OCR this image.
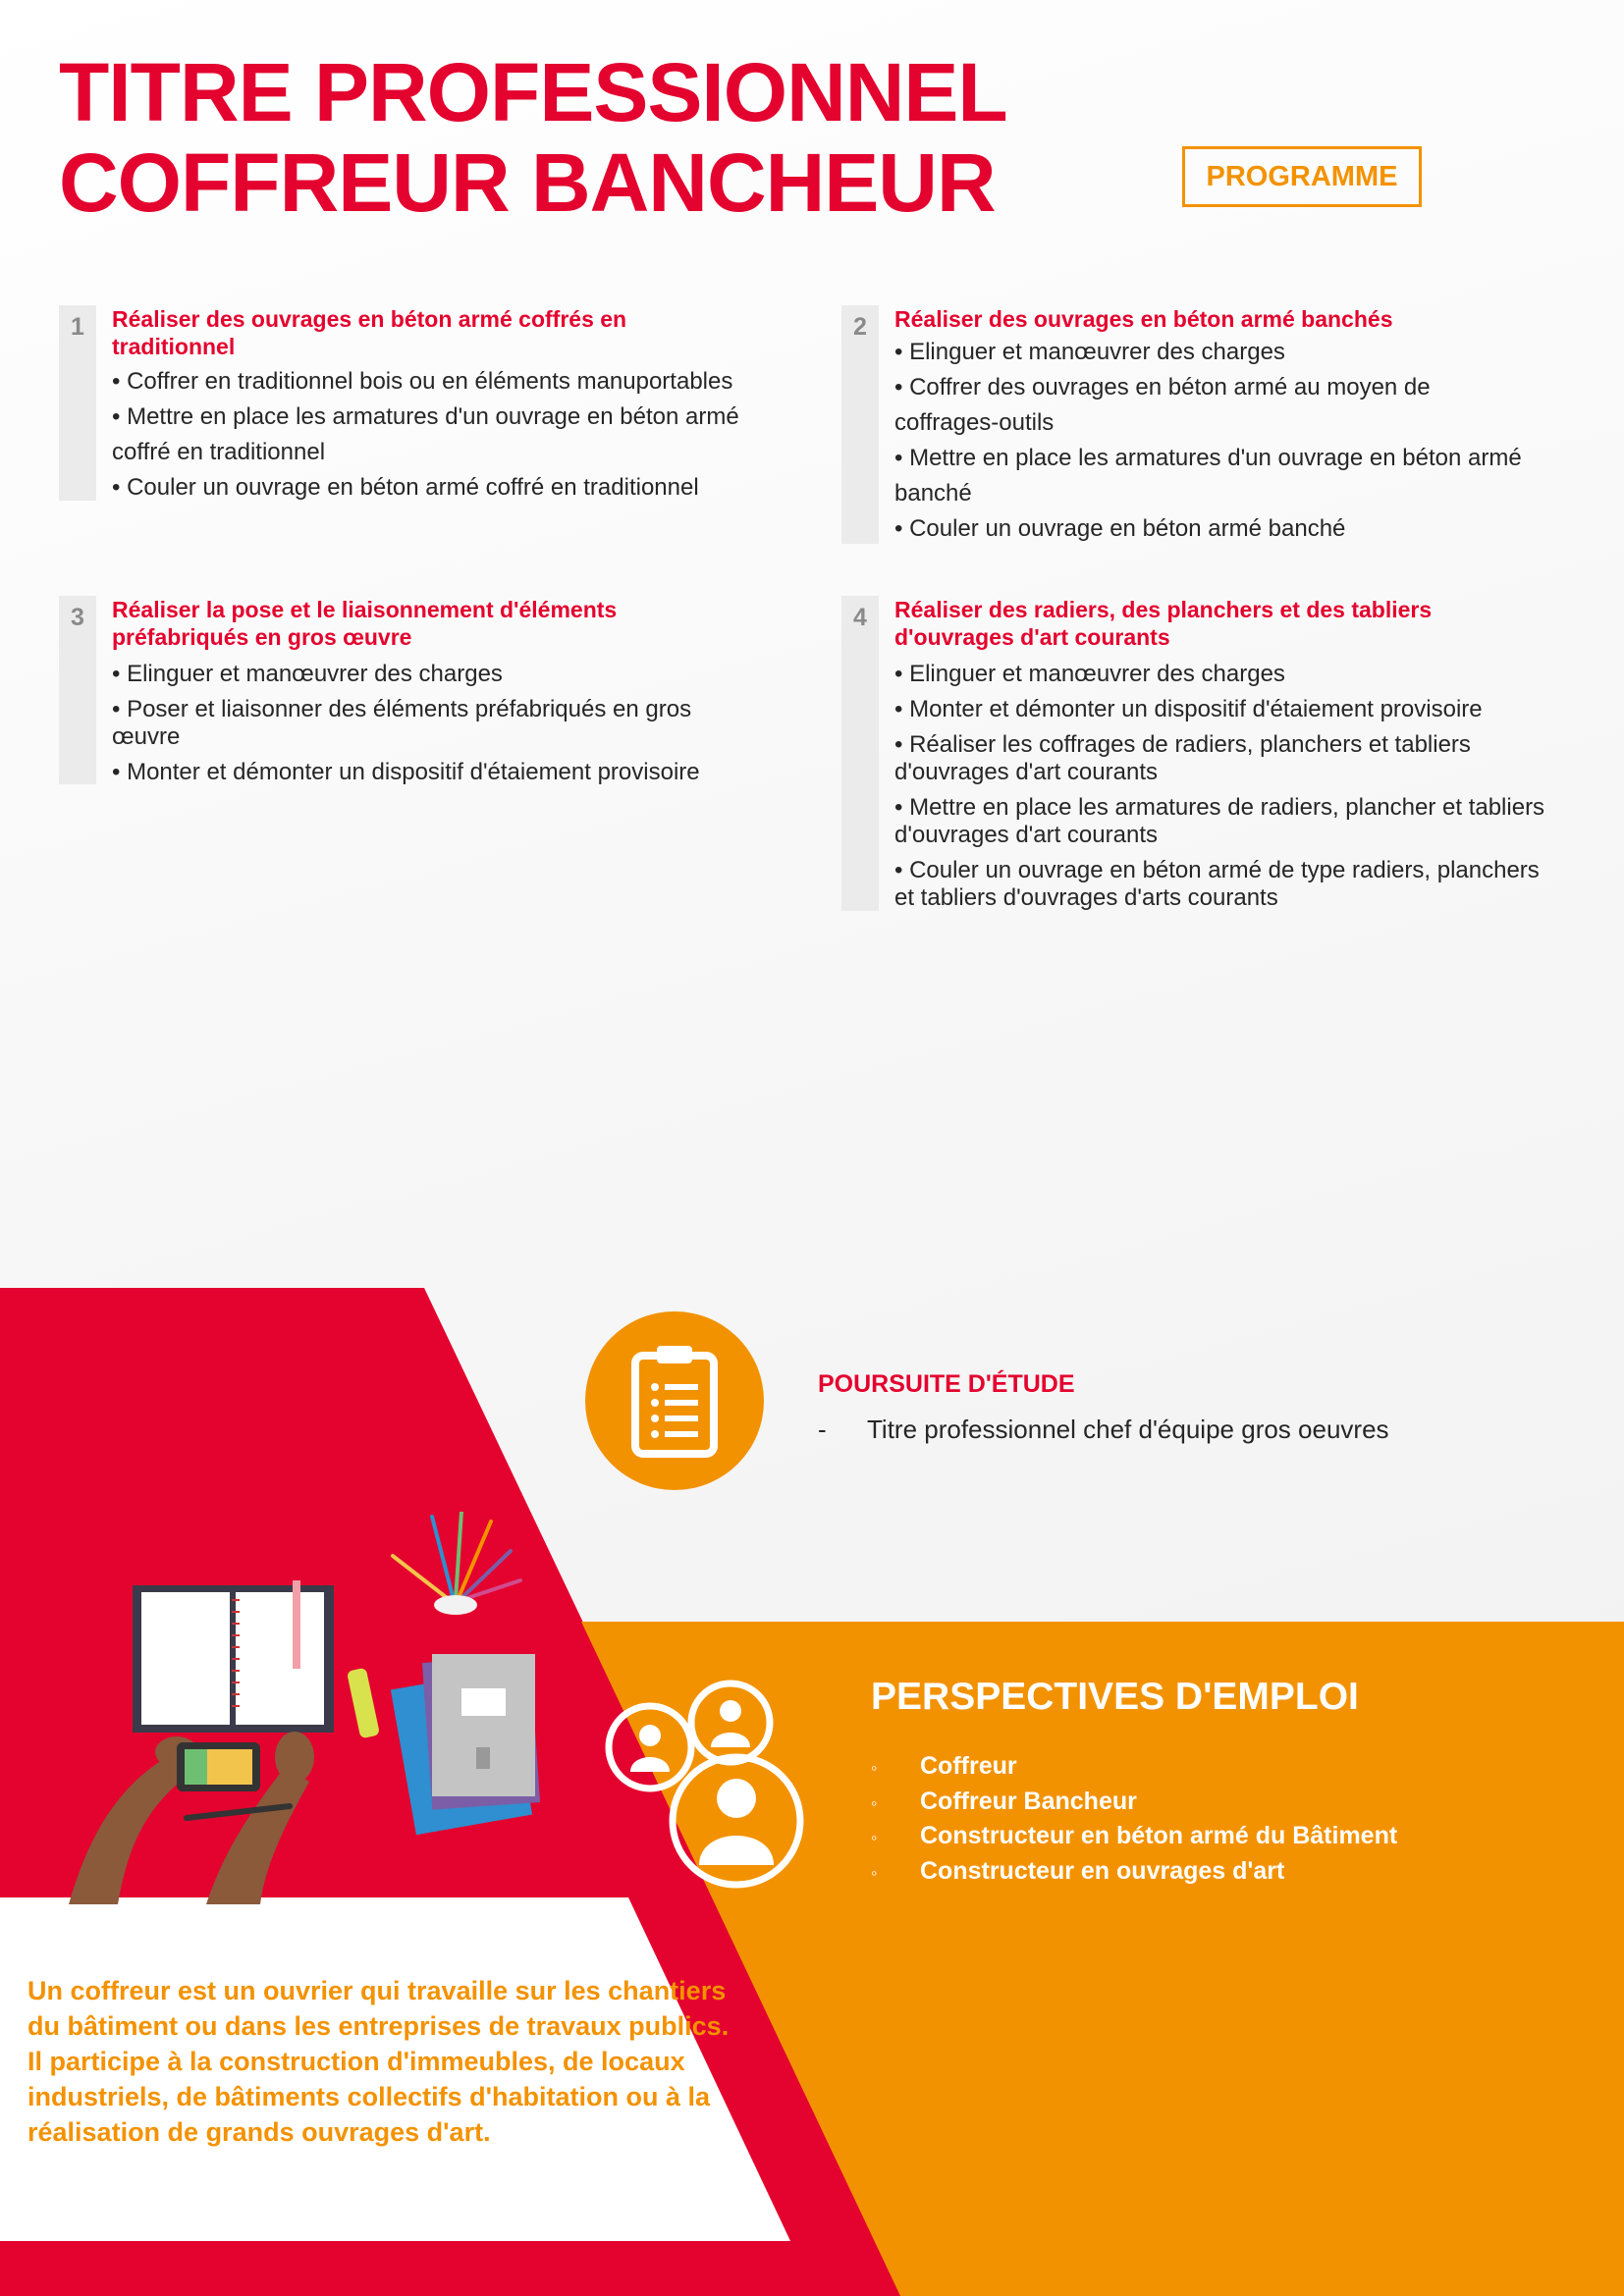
TITRE PROFESSIONNEL
COFFREUR BANCHEUR	PROGRAMME
1	Réaliser des ouvrages en béton armé coffrés en traditionnel
• Coffrer en traditionnel bois ou en éléments manuportables
• Mettre en place les armatures d'un ouvrage en béton armé coffré en traditionnel
• Couler un ouvrage en béton armé coffré en traditionnel
2	Réaliser des ouvrages en béton armé banchés
• Elinguer et manœuvrer des charges
• Coffrer des ouvrages en béton armé au moyen de coffrages-outils
• Mettre en place les armatures d'un ouvrage en béton armé banché
• Couler un ouvrage en béton armé banché
3	Réaliser la pose et le liaisonnement d'éléments préfabriqués en gros œuvre
• Elinguer et manœuvrer des charges
• Poser et liaisonner des éléments préfabriqués en gros œuvre
• Monter et démonter un dispositif d'étaiement provisoire
4	Réaliser des radiers, des planchers et des tabliers d'ouvrages d'art courants
• Elinguer et manœuvrer des charges
• Monter et démonter un dispositif d'étaiement provisoire
• Réaliser les coffrages de radiers, planchers et tabliers d'ouvrages d'art courants
• Mettre en place les armatures de radiers, plancher et tabliers d'ouvrages d'art courants
• Couler un ouvrage en béton armé de type radiers, planchers et tabliers d'ouvrages d'arts courants
POURSUITE D'ÉTUDE
- Titre professionnel chef d'équipe gros oeuvres
PERSPECTIVES D'EMPLOI
◦ Coffreur
◦ Coffreur Bancheur
◦ Constructeur en béton armé du Bâtiment
◦ Constructeur en ouvrages d'art

Un coffreur est un ouvrier qui travaille sur les chantiers du bâtiment ou dans les entreprises de travaux publics. Il participe à la construction d'immeubles, de locaux industriels, de bâtiments collectifs d'habitation ou à la réalisation de grands ouvrages d'art.
